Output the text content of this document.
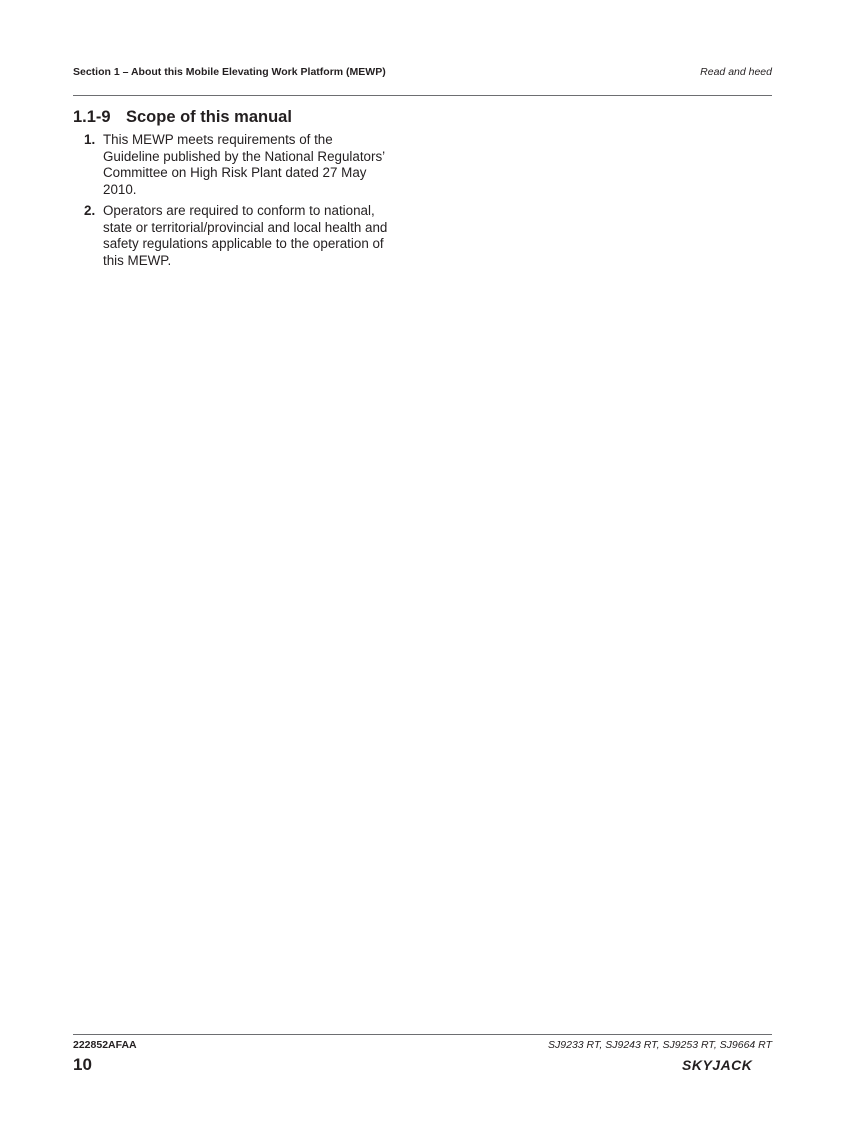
Section 1 – About this Mobile Elevating Work Platform (MEWP)	Read and heed
1.1-9 Scope of this manual
1. This MEWP meets requirements of the
Guideline published by the National Regulators’
Committee on High Risk Plant dated 27 May
2010.
2. Operators are required to conform to national,
state or territorial/provincial and local health and
safety regulations applicable to the operation of
this MEWP.
222852AFAA	SJ9233 RT, SJ9243 RT, SJ9253 RT, SJ9664 RT
10	SKYJACK
